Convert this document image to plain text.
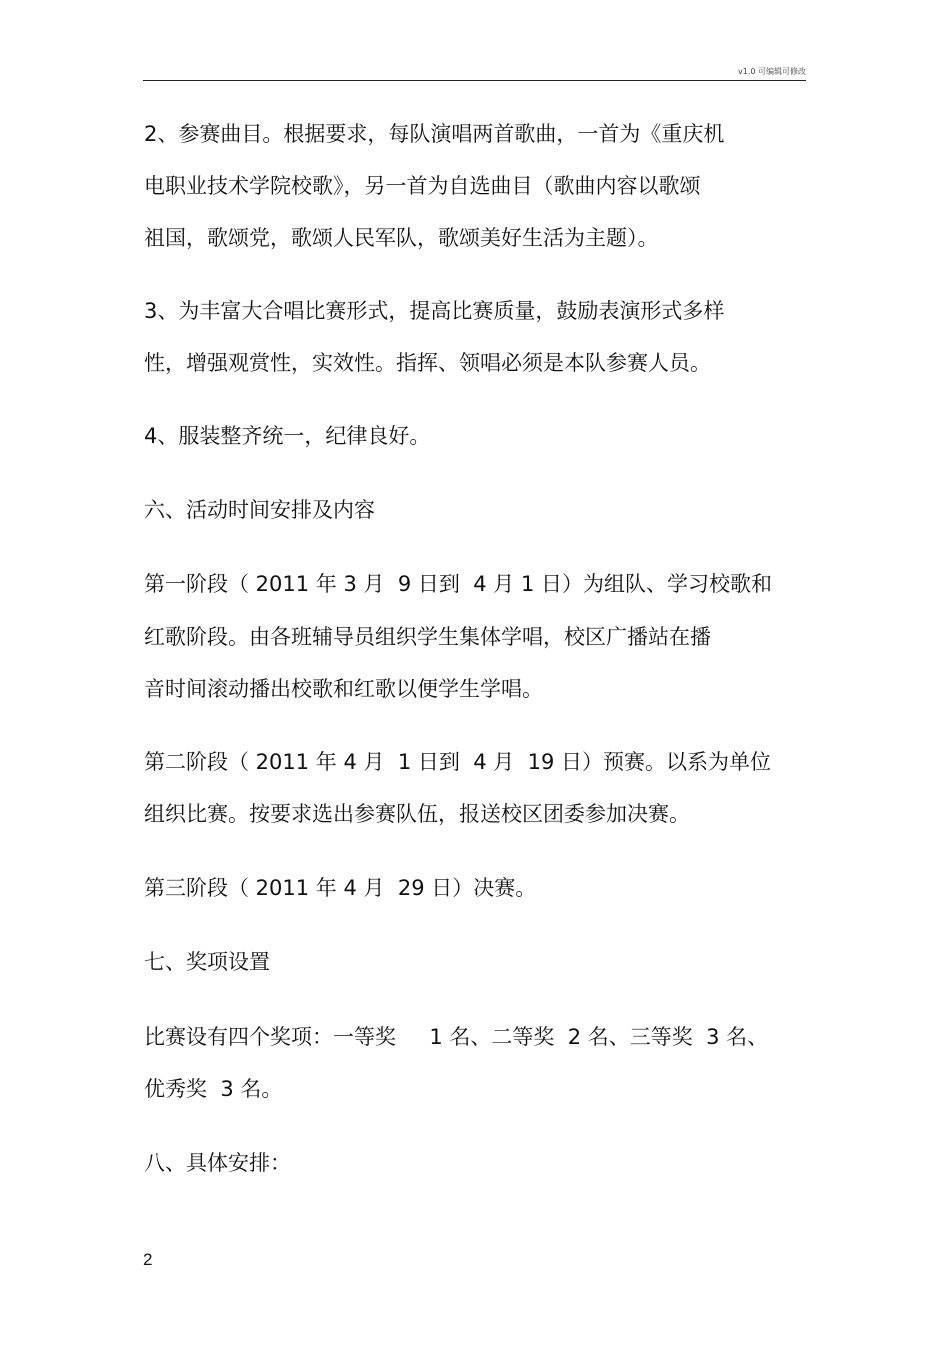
v1.0 可编辑可修改
2、参赛曲目。根据要求，每队演唱两首歌曲，一首为《重庆机
电职业技术学院校歌》，另一首为自选曲目（歌曲内容以歌颂
祖国，歌颂党，歌颂人民军队，歌颂美好生活为主题）。
3、为丰富大合唱比赛形式，提高比赛质量，鼓励表演形式多样
性，增强观赏性，实效性。指挥、领唱必须是本队参赛人员。
4、服装整齐统一，纪律良好。
六、活动时间安排及内容
第一阶段（ 2011 年 3 月  9 日到  4 月 1 日）为组队、学习校歌和
红歌阶段。由各班辅导员组织学生集体学唱，校区广播站在播
音时间滚动播出校歌和红歌以便学生学唱。
第二阶段（ 2011 年 4 月  1 日到  4 月  19 日）预赛。以系为单位
组织比赛。按要求选出参赛队伍，报送校区团委参加决赛。
第三阶段（ 2011 年 4 月  29 日）决赛。
七、奖项设置
比赛设有四个奖项：一等奖     1 名、二等奖  2 名、三等奖  3 名、
优秀奖  3 名。
八、具体安排：
2
